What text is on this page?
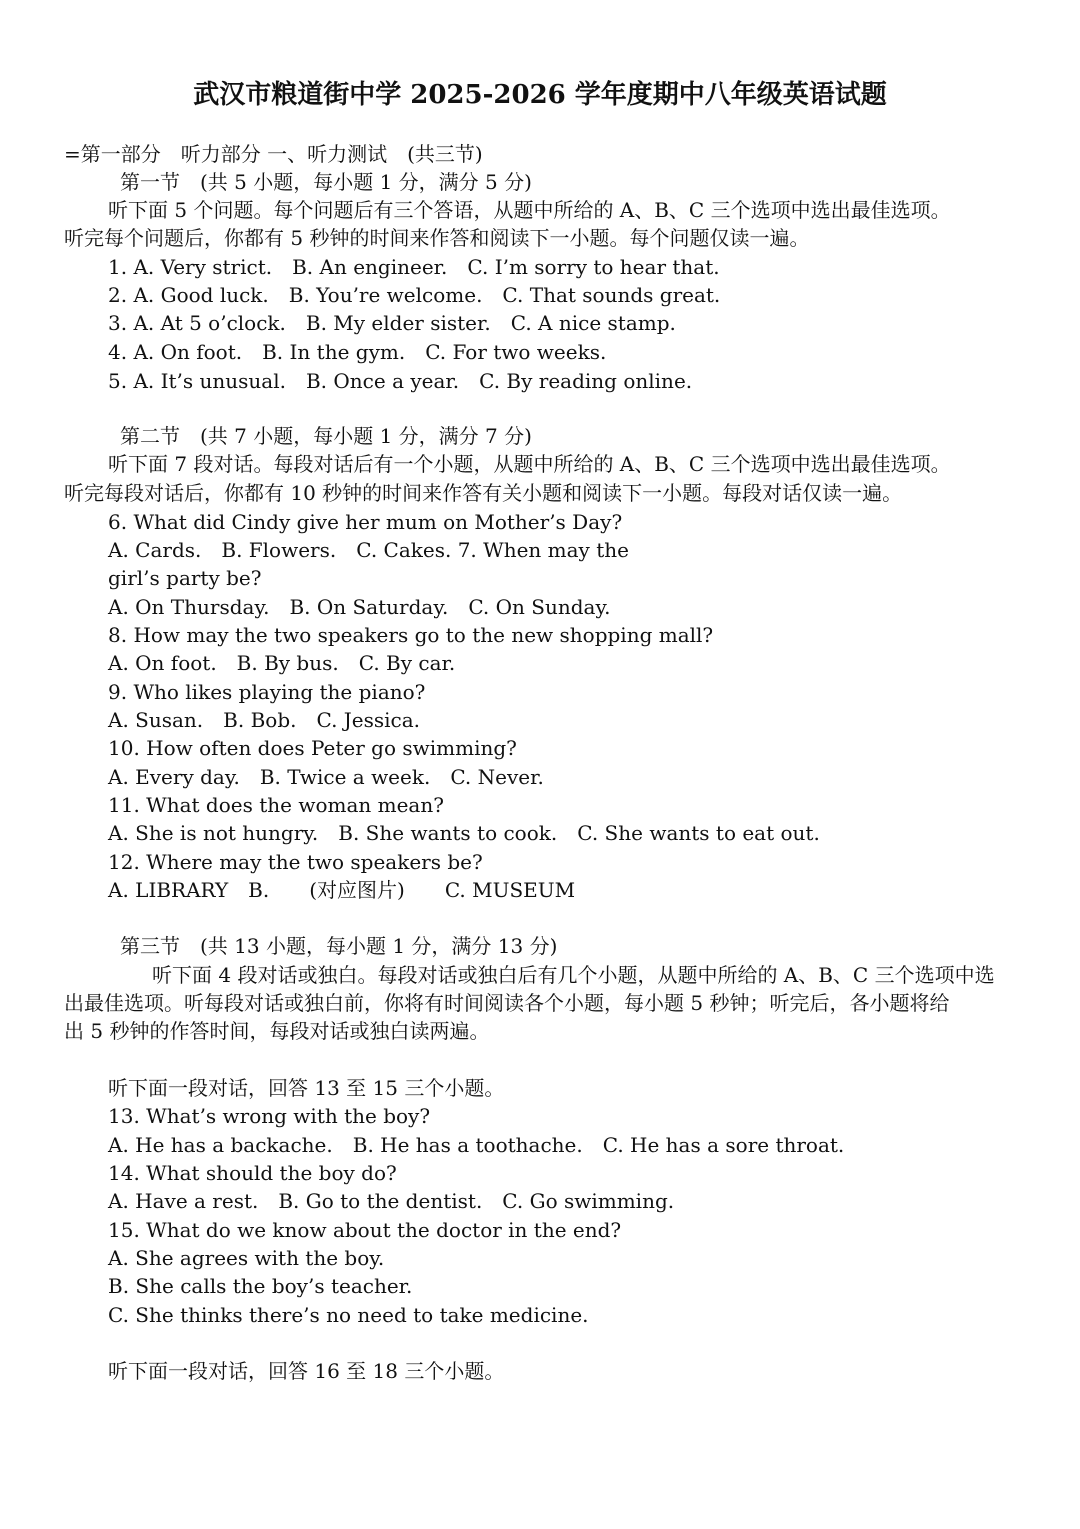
武汉市粮道街中学 2025-2026 学年度期中八年级英语试题
=第一部分　听力部分 一、听力测试　(共三节)
第一节　(共 5 小题，每小题 1 分，满分 5 分)
听下面 5 个问题。每个问题后有三个答语，从题中所给的 A、B、C 三个选项中选出最佳选项。
听完每个问题后，你都有 5 秒钟的时间来作答和阅读下一小题。每个问题仅读一遍。
1. A. Very strict.　B. An engineer.　C. I’m sorry to hear that.
2. A. Good luck.　B. You’re welcome.　C. That sounds great.
3. A. At 5 o’clock.　B. My elder sister.　C. A nice stamp.
4. A. On foot.　B. In the gym.　C. For two weeks.
5. A. It’s unusual.　B. Once a year.　C. By reading online.
第二节　(共 7 小题，每小题 1 分，满分 7 分)
听下面 7 段对话。每段对话后有一个小题，从题中所给的 A、B、C 三个选项中选出最佳选项。
听完每段对话后，你都有 10 秒钟的时间来作答有关小题和阅读下一小题。每段对话仅读一遍。
6. What did Cindy give her mum on Mother’s Day?
A. Cards.　B. Flowers.　C. Cakes. 7. When may the
girl’s party be?
A. On Thursday.　B. On Saturday.　C. On Sunday.
8. How may the two speakers go to the new shopping mall?
A. On foot.　B. By bus.　C. By car.
9. Who likes playing the piano?
A. Susan.　B. Bob.　C. Jessica.
10. How often does Peter go swimming?
A. Every day.　B. Twice a week.　C. Never.
11. What does the woman mean?
A. She is not hungry.　B. She wants to cook.　C. She wants to eat out.
12. Where may the two speakers be?
A. LIBRARY　B.　　(对应图片)　　C. MUSEUM
第三节　(共 13 小题，每小题 1 分，满分 13 分)
听下面 4 段对话或独白。每段对话或独白后有几个小题，从题中所给的 A、B、C 三个选项中选
出最佳选项。听每段对话或独白前，你将有时间阅读各个小题，每小题 5 秒钟；听完后，各小题将给
出 5 秒钟的作答时间，每段对话或独白读两遍。
听下面一段对话，回答 13 至 15 三个小题。
13. What’s wrong with the boy?
A. He has a backache.　B. He has a toothache.　C. He has a sore throat.
14. What should the boy do?
A. Have a rest.　B. Go to the dentist.　C. Go swimming.
15. What do we know about the doctor in the end?
A. She agrees with the boy.
B. She calls the boy’s teacher.
C. She thinks there’s no need to take medicine.
听下面一段对话，回答 16 至 18 三个小题。
